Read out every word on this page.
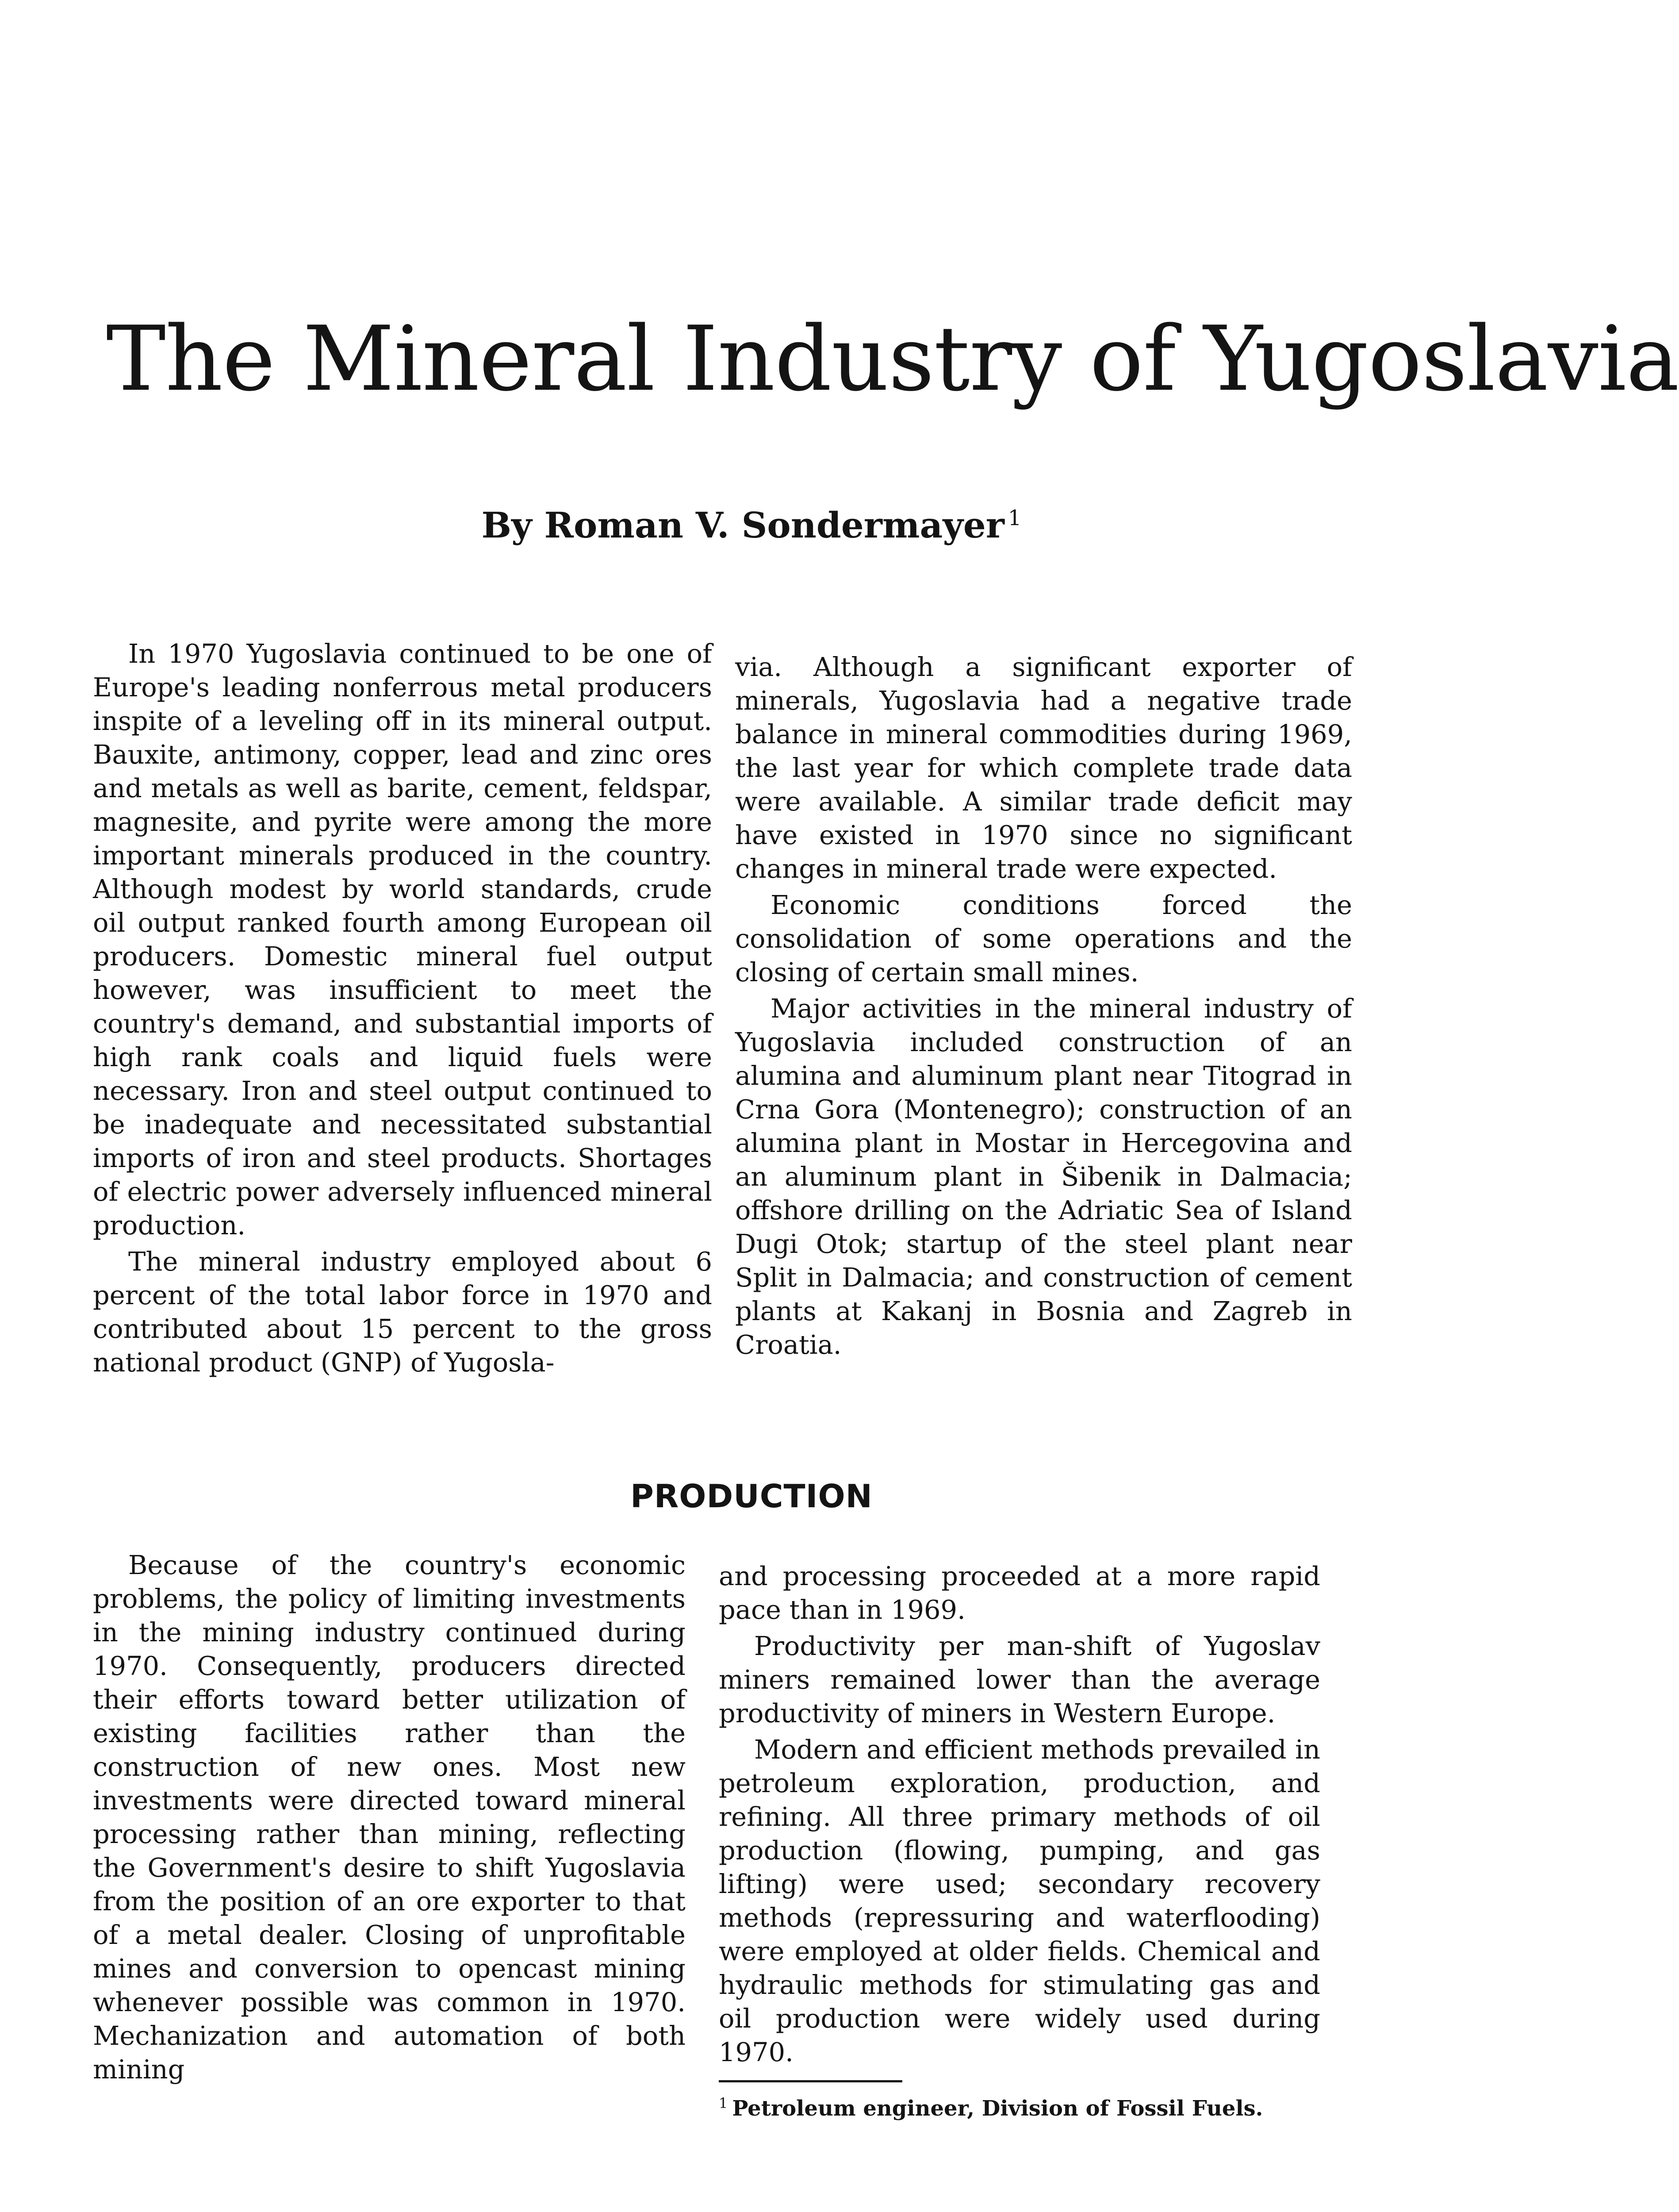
The Mineral Industry of Yugoslavia

By Roman V. Sondermayer $^1$

In 1970 Yugoslavia continued to be one of Europe's leading nonferrous metal producers inspite of a leveling off in its mineral output. Bauxite, antimony, copper, lead and zinc ores and metals as well as barite, cement, feldspar, magnesite, and pyrite were among the more important minerals produced in the country. Although modest by world standards, crude oil output ranked fourth among European oil producers. Domestic mineral fuel output however, was insufficient to meet the country's demand, and substantial imports of high rank coals and liquid fuels were necessary. Iron and steel output continued to be inadequate and necessitated substantial imports of iron and steel products. Shortages of electric power adversely influenced mineral production.

The mineral industry employed about 6 percent of the total labor force in 1970 and contributed about 15 percent to the gross national product (GNP) of Yugosla-

via. Although a significant exporter of minerals, Yugoslavia had a negative trade balance in mineral commodities during 1969, the last year for which complete trade data were available. A similar trade deficit may have existed in 1970 since no significant changes in mineral trade were expected.

Economic conditions forced the consolidation of some operations and the closing of certain small mines.

Major activities in the mineral industry of Yugoslavia included construction of an alumina and aluminum plant near Titograd in Crna Gora (Montenegro); construction of an alumina plant in Mostar in Hercegovina and an aluminum plant in Šibenik in Dalmacia; offshore drilling on the Adriatic Sea of Island Dugi Otok; startup of the steel plant near Split in Dalmacia; and construction of cement plants at Kakanj in Bosnia and Zagreb in Croatia.

PRODUCTION

Because of the country's economic problems, the policy of limiting investments in the mining industry continued during 1970. Consequently, producers directed their efforts toward better utilization of existing facilities rather than the construction of new ones. Most new investments were directed toward mineral processing rather than mining, reflecting the Government's desire to shift Yugoslavia from the position of an ore exporter to that of a metal dealer. Closing of unprofitable mines and conversion to opencast mining whenever possible was common in 1970. Mechanization and automation of both mining

and processing proceeded at a more rapid pace than in 1969.

Productivity per man-shift of Yugoslav miners remained lower than the average productivity of miners in Western Europe.

Modern and efficient methods prevailed in petroleum exploration, production, and refining. All three primary methods of oil production (flowing, pumping, and gas lifting) were used; secondary recovery methods (repressuring and waterflooding) were employed at older fields. Chemical and hydraulic methods for stimulating gas and oil production were widely used during 1970.

$^1$ Petroleum engineer, Division of Fossil Fuels.
